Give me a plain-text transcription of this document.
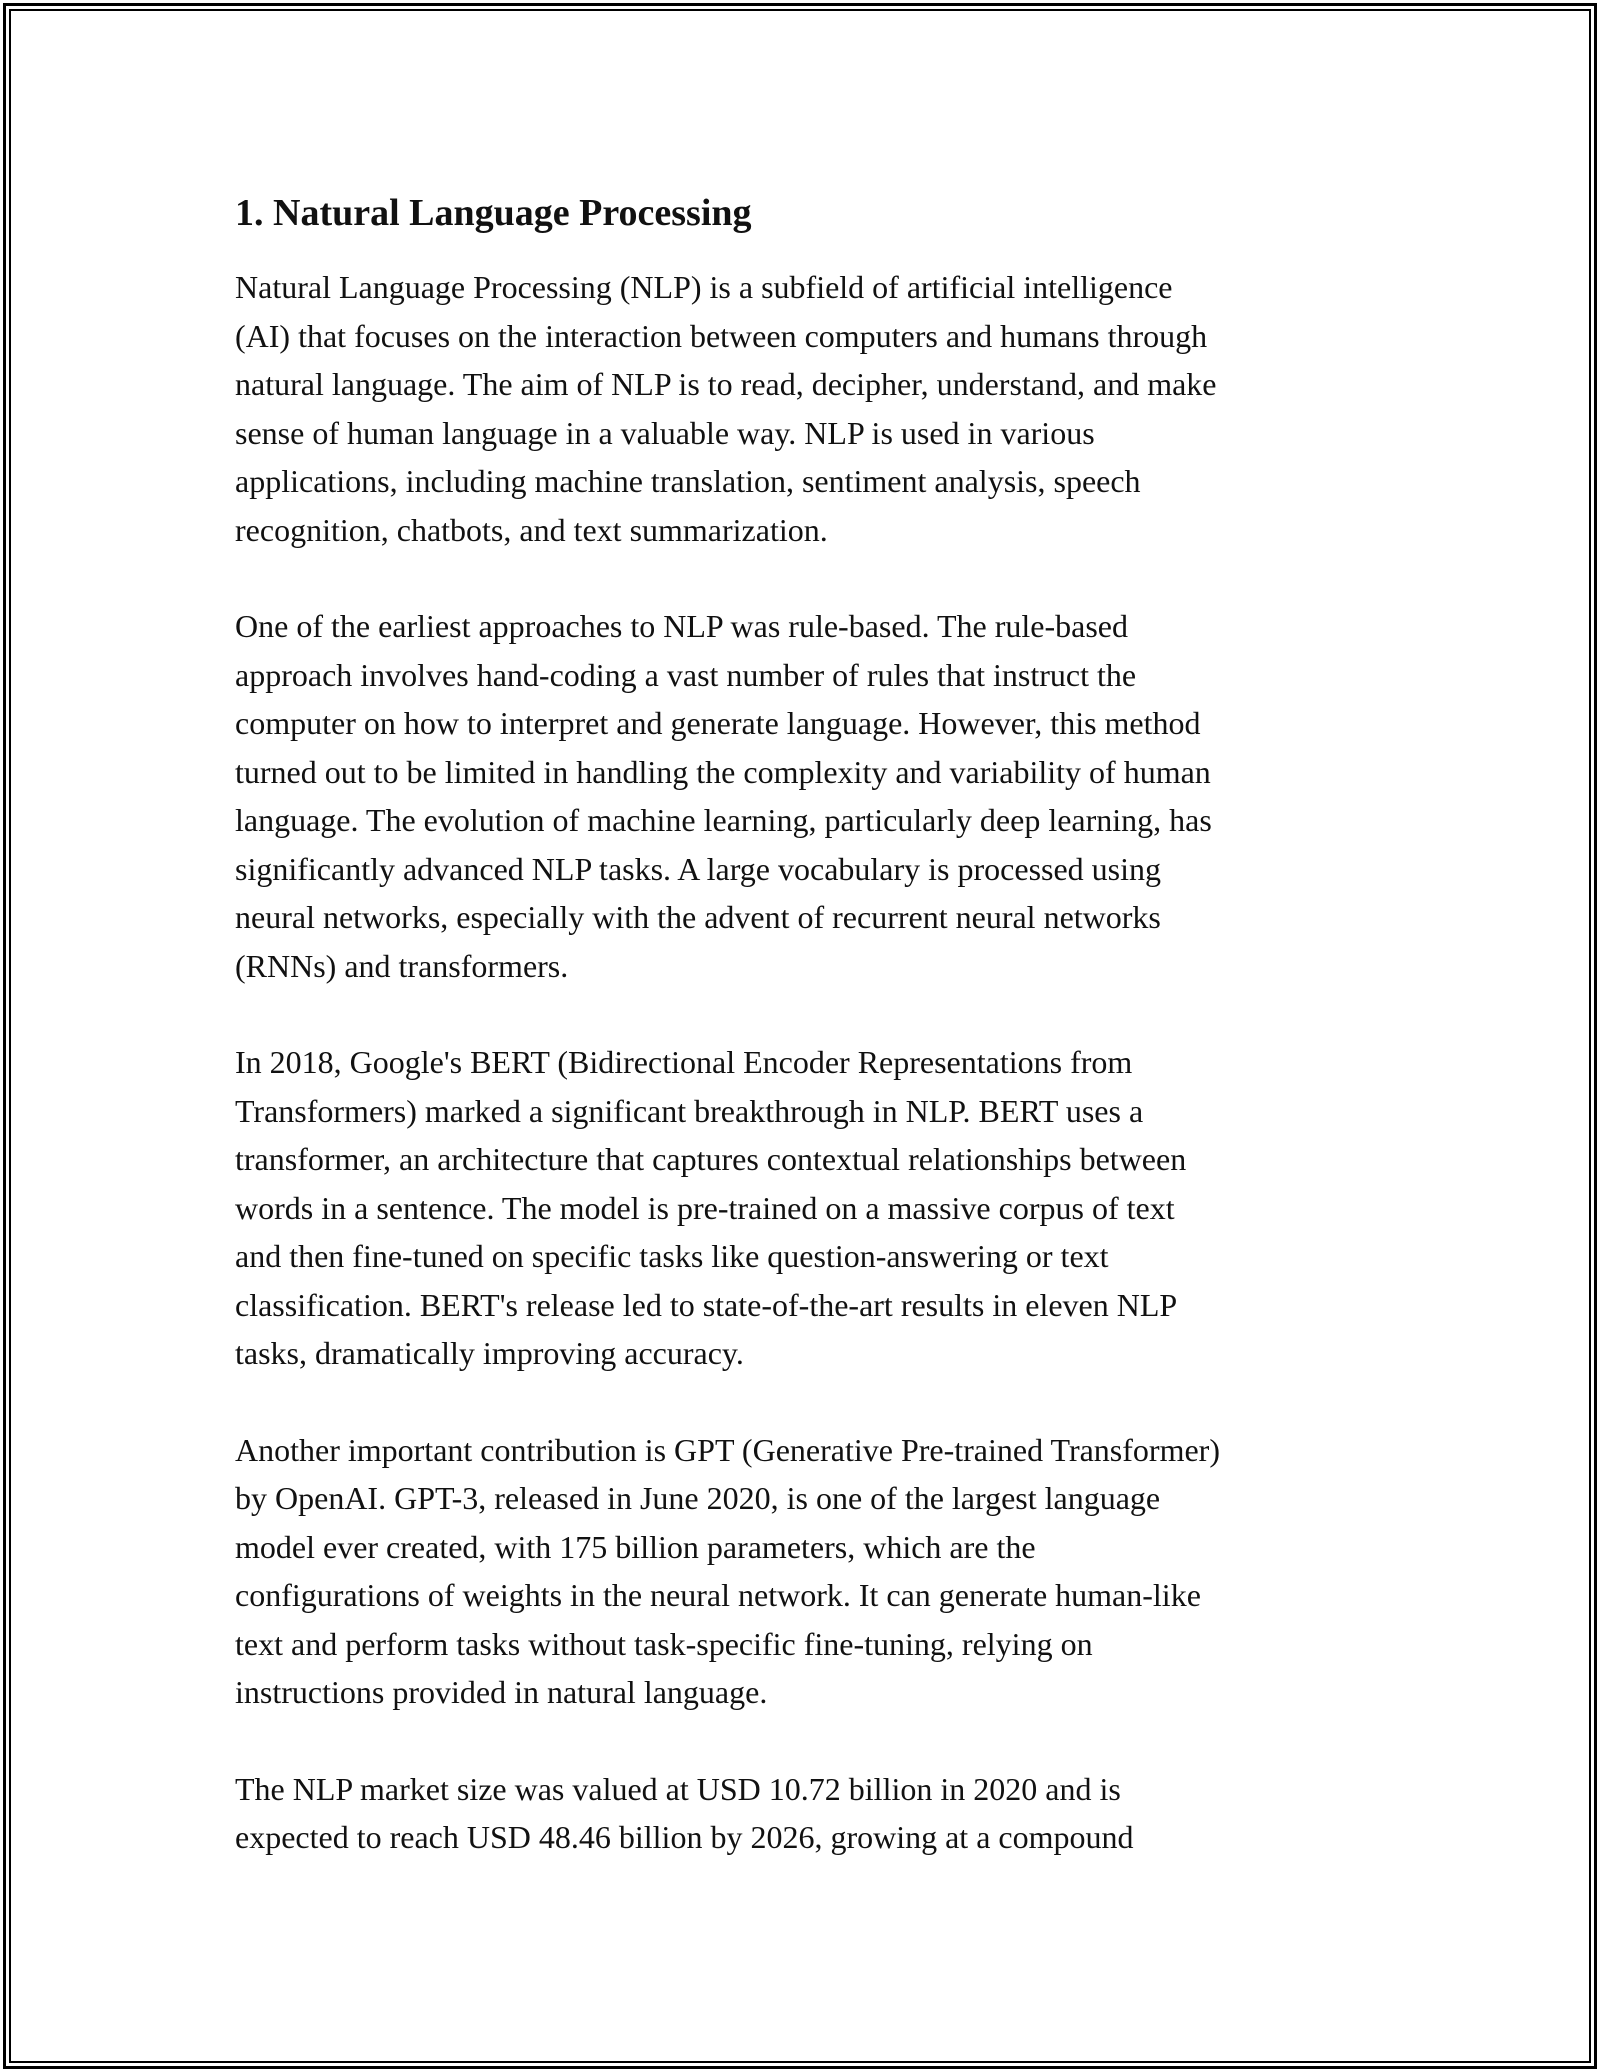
1. Natural Language Processing

Natural Language Processing (NLP) is a subfield of artificial intelligence
(AI) that focuses on the interaction between computers and humans through
natural language. The aim of NLP is to read, decipher, understand, and make
sense of human language in a valuable way. NLP is used in various
applications, including machine translation, sentiment analysis, speech
recognition, chatbots, and text summarization.

One of the earliest approaches to NLP was rule-based. The rule-based
approach involves hand-coding a vast number of rules that instruct the
computer on how to interpret and generate language. However, this method
turned out to be limited in handling the complexity and variability of human
language. The evolution of machine learning, particularly deep learning, has
significantly advanced NLP tasks. A large vocabulary is processed using
neural networks, especially with the advent of recurrent neural networks
(RNNs) and transformers.

In 2018, Google's BERT (Bidirectional Encoder Representations from
Transformers) marked a significant breakthrough in NLP. BERT uses a
transformer, an architecture that captures contextual relationships between
words in a sentence. The model is pre-trained on a massive corpus of text
and then fine-tuned on specific tasks like question-answering or text
classification. BERT's release led to state-of-the-art results in eleven NLP
tasks, dramatically improving accuracy.

Another important contribution is GPT (Generative Pre-trained Transformer)
by OpenAI. GPT-3, released in June 2020, is one of the largest language
model ever created, with 175 billion parameters, which are the
configurations of weights in the neural network. It can generate human-like
text and perform tasks without task-specific fine-tuning, relying on
instructions provided in natural language.

The NLP market size was valued at USD 10.72 billion in 2020 and is
expected to reach USD 48.46 billion by 2026, growing at a compound
